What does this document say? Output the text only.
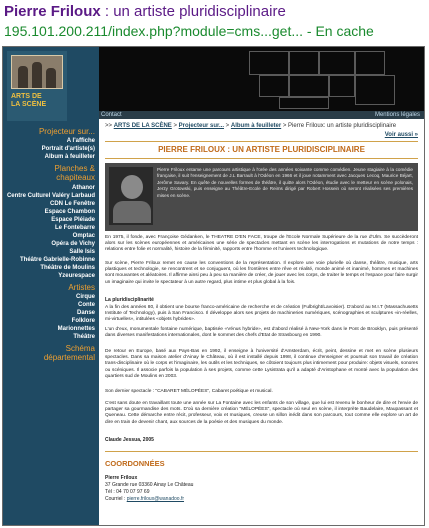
Pierre Friloux : un artiste pluridisciplinaire
195.101.200.211/index.php?module=cms...get... - En cache
ARTS DE
LA SCÈNE
Projecteur sur...
A l'affiche
Portrait d'artiste(s)
Album à feuilleter
Planches & chapiteaux
Athanor
Centre Culturel Valéry Larbaud
CDN Le Fenêtre
Espace Chambon
Espace Pléiade
Le Fontebarre
Omptac
Opéra de Vichy
Salle Isis
Théâtre Gabrielle-Robinne
Théâtre de Moulins
Yzeurespace
Artistes
Cirque
Conte
Danse
Folklore
Marionnettes
Théâtre
Schéma départemental
Contact	Mentions légales
>> ARTS DE LA SCÈNE > Projecteur sur... > Album à feuilleter > Pierre Friloux: un artiste pluridisciplinaire
Voir aussi »
PIERRE FRILOUX : UN ARTISTE PLURIDISCIPLINAIRE
Pierre Friloux entame une parcours artistique à l'orée des années soixante comme comédien. Jeune stagiaire à la comédie française, il suit l'enseignement de J.L Barrault à l'Odéon en 1966 et il joue notamment avec Jacques Lecoq, Maurice Béjart, Jerôme Savary. En quête de nouvelles formes de théâtre, il quitte alors l'Odéon, étudie avec le metteur en scène polonais, Jerzy Grotowski, puis enseigne au Théâtre-Ecole de Reims dirigé par Robert Hossein où seront réalisées ses premières mises en scène.
En 1975, il fonde, avec Françoise Gédanken, le THEATRE D'EN FACE, troupe de l'Ecole Normale Supérieure de la rue d'Ulm. Se succèderont alors sur les scènes européennes et américaines une série de spectacles mettant en scène les interrogations et mutations de notre temps : relations entre folie et normalité, histoire de la féminité, rapports entre l'homme et l'univers technologique.
Sur scène, Pierre Friloux remet en cause les conventions de la représentation. Il explore une voie plurielle où danse, théâtre, musique, arts plastiques et technologie, se rencontrent et se conjuguent, où les frontières entre rêve et réalité, monde animé et inanimé, hommes et machines sont mouvantes et aléatoires. Il affirme ainsi peu à peu sa manière de créer, de jouer avec les corps, de traiter le temps et l'espace pour faire surgir un imaginaire qui invite le spectateur à un autre regard, plus intime et plus global à la fois.
La pluridisciplinarité
A la fin des années 80, il obtient une bourse franco-américaine de recherche et de création (Fulbright/Lavoisier). D'abord au M.I.T (Massachusetts Institute of Technology), puis à San Francisco. Il développe alors ses projets de machineries numériques, scénographies et sculptures «in-réelles, mi-virtuelles», intitulées «objets hybrides».
L'un d'eux, monumentale fontaine numérique, baptisée «Vénus hybride», est d'abord réalisé à New-York dans le Pont de Brooklyn, puis présenté dans diverses manifestations internationales, dont le sommet des chefs d'Etat de Strasbourg en 1990.
De retour en Europe, basé aux Pays-Bas en 1992, il enseigne à l'université d'Amsterdam, écrit, peint, dessine et met en scène plusieurs spectacles. Dans sa maison atelier d'Ainay le Château, où il est installé depuis 1998, il continue d'enseigner et poursuit son travail de création trans-disciplinaire où le corps et l'imaginaire, les outils et les techniques, se côtoient toujours plus intimement pour produire: objets visuels, sonores ou scéniques. Il associe parfois la population à ses projets, comme cette Lysistrata qu'il a adapté d'Aristophane et monté avec la population des quartiers sud de Moulins en 2003.
Son dernier spectacle : "CABARET MÉLOPÉES", Cabaret poétique et musical.
C'est sans doute en travaillant toute une année sur La Fontaine avec les enfants de son village, que lui est revenu le bonheur de dire et l'envie de partager sa gourmandise des mots. D'où sa dernière création "MÉLOPÉES", spectacle où seul en scène, il interprète Baudelaire, Maupassant et Queneau. Cette démarche entre récit, professeur, voix et musiques, creuse un sillon inédit dans son parcours, tout comme elle explore un art de dire en train de devenir chant, aux sources de la poésie et des musiques du monde.
Claude Jessua, 2005
COORDONNÉES
Pierre Friloux
37 Grande rue 03360 Ainay Le Château
Tél : 04 70 07 97 69
Courriel : pierre.friloux@wanadoo.fr
